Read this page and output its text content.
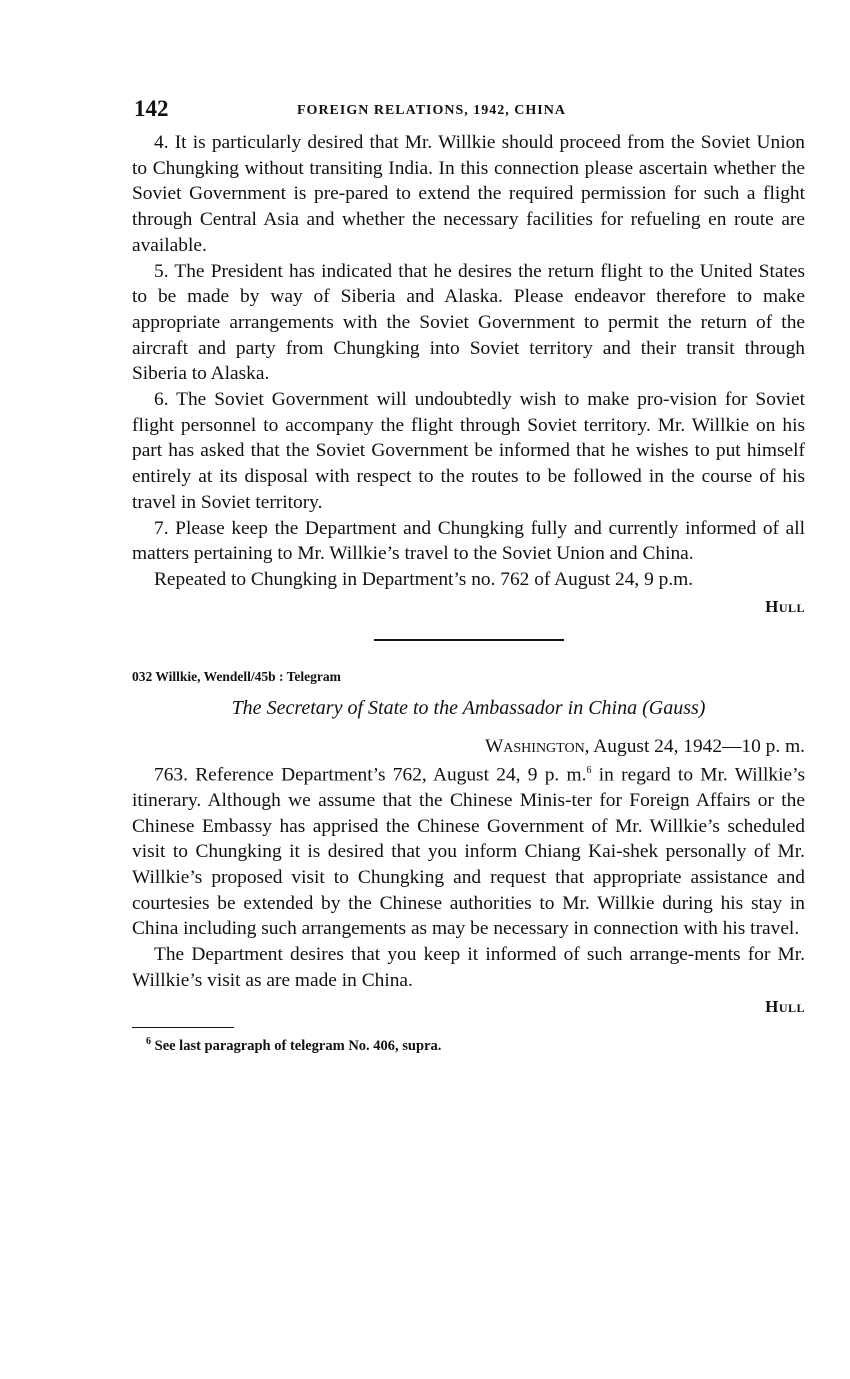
142	FOREIGN RELATIONS, 1942, CHINA

4. It is particularly desired that Mr. Willkie should proceed from the Soviet Union to Chungking without transiting India. In this connection please ascertain whether the Soviet Government is pre-pared to extend the required permission for such a flight through Central Asia and whether the necessary facilities for refueling en route are available.

5. The President has indicated that he desires the return flight to the United States to be made by way of Siberia and Alaska. Please endeavor therefore to make appropriate arrangements with the Soviet Government to permit the return of the aircraft and party from Chungking into Soviet territory and their transit through Siberia to Alaska.

6. The Soviet Government will undoubtedly wish to make pro-vision for Soviet flight personnel to accompany the flight through Soviet territory. Mr. Willkie on his part has asked that the Soviet Government be informed that he wishes to put himself entirely at its disposal with respect to the routes to be followed in the course of his travel in Soviet territory.

7. Please keep the Department and Chungking fully and currently informed of all matters pertaining to Mr. Willkie’s travel to the Soviet Union and China.

Repeated to Chungking in Department’s no. 762 of August 24, 9 p.m.

Hull
032 Willkie, Wendell/45b : Telegram
The Secretary of State to the Ambassador in China (Gauss)
Washington, August 24, 1942—10 p. m.

763. Reference Department’s 762, August 24, 9 p. m.$^6$ in regard to Mr. Willkie’s itinerary. Although we assume that the Chinese Minis-ter for Foreign Affairs or the Chinese Embassy has apprised the Chinese Government of Mr. Willkie’s scheduled visit to Chungking it is desired that you inform Chiang Kai-shek personally of Mr. Willkie’s proposed visit to Chungking and request that appropriate assistance and courtesies be extended by the Chinese authorities to Mr. Willkie during his stay in China including such arrangements as may be necessary in connection with his travel.

The Department desires that you keep it informed of such arrange-ments for Mr. Willkie’s visit as are made in China.

Hull
$^6$ See last paragraph of telegram No. 406, supra.
